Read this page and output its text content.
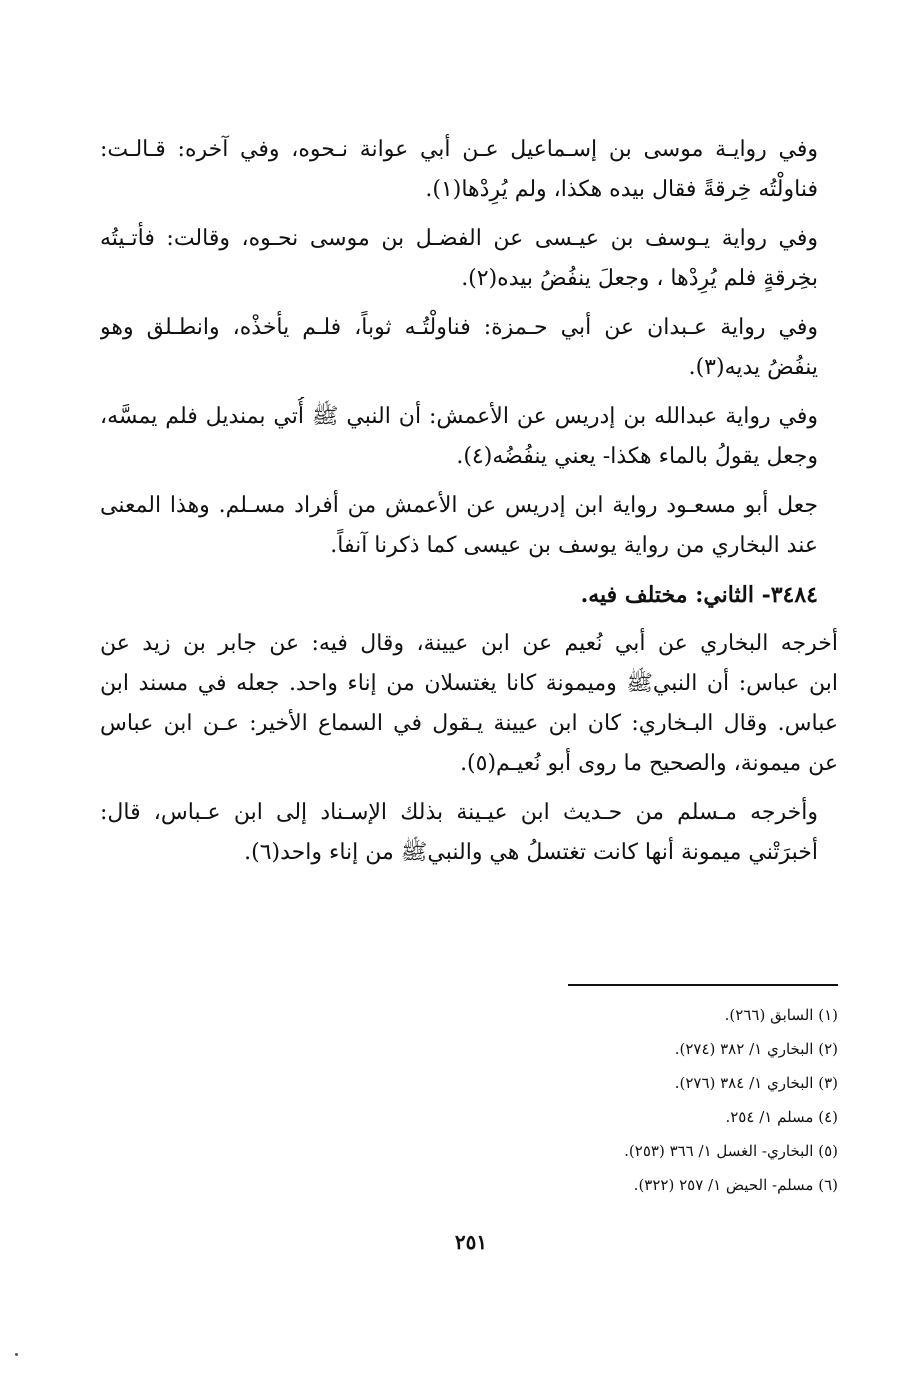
وفي روايـة موسى بن إسـماعيل عـن أبي عوانة نـحوه، وفي آخره: قـالـت:
فناولْتُه خِرقةً فقال بيده هكذا، ولم يُرِدْها(١).

وفي رواية يـوسف بن عيـسى عن الفضـل بن موسى نحـوه، وقالت: فأتـيتُه
بخِرقةٍ فلم يُرِدْها ، وجعلَ ينفُضُ بيده(٢).

وفي رواية عـبدان عن أبي حـمزة: فناولْتُـه ثوباً، فلـم يأخذْه، وانطـلق وهو
ينفُضُ يديه(٣).

وفي رواية عبدالله بن إدريس عن الأعمش: أن النبي ﷺ أُتي بمنديل فلم يمسَّه،
وجعل يقولُ بالماء هكذا- يعني ينفُضُه(٤).

جعل أبو مسعـود رواية ابن إدريس عن الأعمش من أفراد مسـلم. وهذا المعنى
عند البخاري من رواية يوسف بن عيسى كما ذكرنا آنفاً.

٣٤٨٤- الثاني: مختلف فيه.

أخرجه البخاري عن أبي نُعيم عن ابن عيينة، وقال فيه: عن جابر بن زيد عن
ابن عباس: أن النبيﷺ وميمونة كانا يغتسلان من إناء واحد. جعله في مسند ابن
عباس. وقال البـخاري: كان ابن عيينة يـقول في السماع الأخير: عـن ابن عباس
عن ميمونة، والصحيح ما روى أبو نُعيـم(٥).

وأخرجه مـسلم من حـديث ابن عيـينة بذلك الإسـناد إلى ابن عـباس، قال:
أخبرَتْني ميمونة أنها كانت تغتسلُ هي والنبيﷺ من إناء واحد(٦).

(١) السابق (٢٦٦).
(٢) البخاري ١/ ٣٨٢ (٢٧٤).
(٣) البخاري ١/ ٣٨٤ (٢٧٦).
(٤) مسلم ١/ ٢٥٤.
(٥) البخاري- الغسل ١/ ٣٦٦ (٢٥٣).
(٦) مسلم- الحيض ١/ ٢٥٧ (٣٢٢).
٢٥١
